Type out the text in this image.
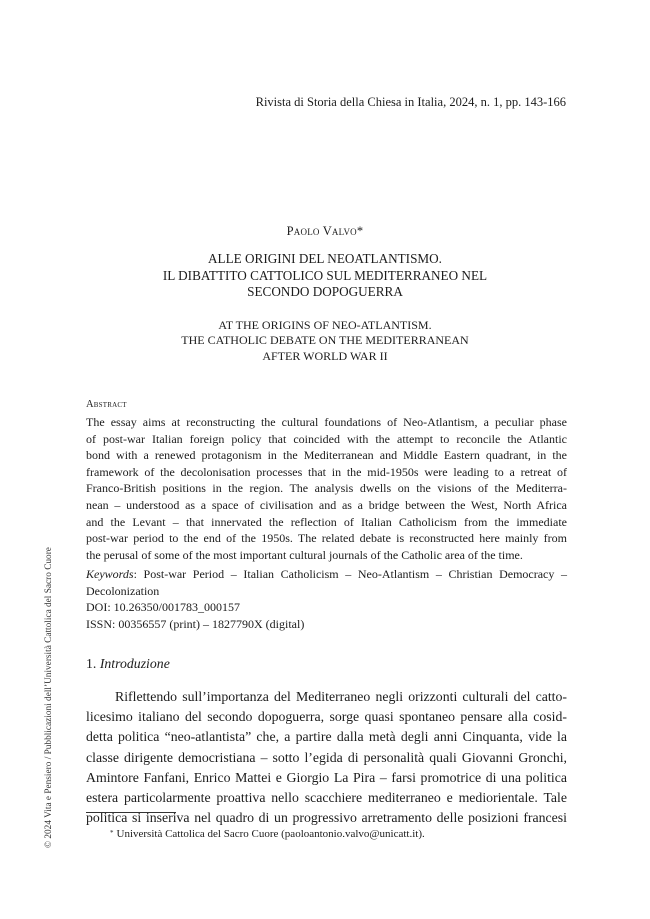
Rivista di Storia della Chiesa in Italia, 2024, n. 1, pp. 143-166
Paolo Valvo*
ALLE ORIGINI DEL NEOATLANTISMO.
IL DIBATTITO CATTOLICO SUL MEDITERRANEO NEL
SECONDO DOPOGUERRA
AT THE ORIGINS OF NEO-ATLANTISM.
THE CATHOLIC DEBATE ON THE MEDITERRANEAN
AFTER WORLD WAR II
Abstract
The essay aims at reconstructing the cultural foundations of Neo-Atlantism, a peculiar phase
of post-war Italian foreign policy that coincided with the attempt to reconcile the Atlantic
bond with a renewed protagonism in the Mediterranean and Middle Eastern quadrant, in the
framework of the decolonisation processes that in the mid-1950s were leading to a retreat of
Franco-British positions in the region. The analysis dwells on the visions of the Mediterra-
nean – understood as a space of civilisation and as a bridge between the West, North Africa
and the Levant – that innervated the reflection of Italian Catholicism from the immediate
post-war period to the end of the 1950s. The related debate is reconstructed here mainly from
the perusal of some of the most important cultural journals of the Catholic area of the time.
Keywords: Post-war Period – Italian Catholicism – Neo-Atlantism – Christian Democracy –
Decolonization
DOI: 10.26350/001783_000157
ISSN: 00356557 (print) – 1827790X (digital)
1. Introduzione
Riflettendo sull’importanza del Mediterraneo negli orizzonti culturali del catto-
licesimo italiano del secondo dopoguerra, sorge quasi spontaneo pensare alla cosid-
detta politica “neo-atlantista” che, a partire dalla metà degli anni Cinquanta, vide la
classe dirigente democristiana – sotto l’egida di personalità quali Giovanni Gronchi,
Amintore Fanfani, Enrico Mattei e Giorgio La Pira – farsi promotrice di una politica
estera particolarmente proattiva nello scacchiere mediterraneo e mediorientale. Tale
politica si inseriva nel quadro di un progressivo arretramento delle posizioni francesi
* Università Cattolica del Sacro Cuore (paoloantonio.valvo@unicatt.it).
© 2024 Vita e Pensiero / Pubblicazioni dell’Università Cattolica del Sacro Cuore
